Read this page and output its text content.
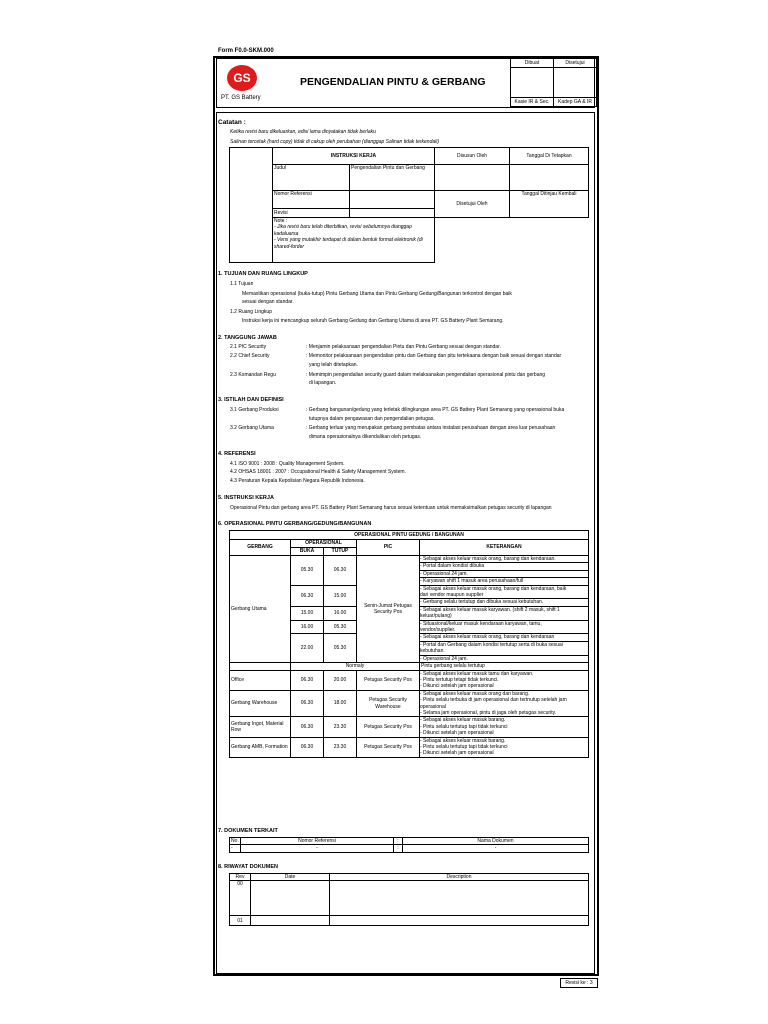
Form F0.0-SKM.000
GS
PT. GS Battery
PENGENDALIAN PINTU & GERBANG
Dibuat	Disetujui

Kasie IR & Sec.	Kadep GA & IR
Catatan :
Ketika revisi baru dikeluarkan, edisi lama dinyatakan tidak berlaku
Salinan tercetak (hard copy) tidak di cakup oleh perubahan (dianggap Salinan tidak terkendali)
	INSTRUKSI KERJA		Disusun Oleh	Tanggal Di Tetapkan
	Judul	Pengendalian Pintu dan Gerbang		
	Nomor Referensi		Disetujui Oleh	Tanggal Ditinjau Kembali
	Revisi			

	Note :
- Jika revisi baru telah diterbitkan, revisi sebelumnya dianggap kadaluarsa
- Versi yang mutakhir terdapat di dalam bentuk format elektronik (di shared-forder			

1. TUJUAN DAN RUANG LINGKUP
1.1 Tujuan
Memastikan operasional (buka-tutup) Pintu Gerbang Utama dan Pintu Gerbang Gedung/Bangunan terkontrol dengan baik
sesuai dengan standar.
1.2 Ruang Lingkup
Instruksi kerja ini mencangkup seluruh Gerbang Gedung dan Gerbang Utama di area PT. GS Battery Plant Semarang.
2. TANGGUNG JAWAB
2.1 PIC Security	: Menjamin pelaksanaan pengendalian Pintu dan Pintu Gerbang sesuai dengan standar.
2.2 Chief Security	: Memonitor pelaksanaan pengendalian pintu dan Gerbang dan pitu tertekaana dengan baik sesuai dengan standar
yang telah ditetapkan.
2.3 Komandan Regu	: Memimpin pengendalian security guard dalam melaksanakan pengendalian operasional pintu dan gerbang
di lapangan.
3. ISTILAH DAN DEFINISI
3.1 Gerbang Produksi	: Gerbang bangunan/gedung yang terletak dilingkungan area PT. GS Battery Plant Semarang yang operasional buka
tutupnya dalam pengawasan dan pengendalian petugas.
3.2 Gerbang Utama	: Gerbang terluar yang merupakan gerbang pembatas antara instalasi perusahaan dengan area luar perusahaan
dimana operasionalnya dikendalikan oleh petugas.
4. REFERENSI
4.1 ISO 9001 : 2008 : Quality Management System.
4.2 OHSAS 18001 : 2007 : Occupational Health & Safety Management System.
4.3 Peraturan Kepala Kepolisian Negara Republik Indonesia.
5. INSTRUKSI KERJA
Operasional Pintu dan gerbang area PT. GS Battery Plant Semarang harus sesuai ketentuan untuk memaksimalkan petugas security di lapangan
6. OPERASIONAL PINTU GERBANG/GEDUNG/BANGUNAN
OPERASIONAL PINTU GEDUNG / BANGUNAN				
GERBANG	OPERASIONAL		PIC	KETERANGAN
	BUKA	TUTUP		
Gerbang Utama	05.30	06.30	Senin-Jumat Petugas Security Pos	- Sebagai akses keluar masuk orang, barang dan kendaraan.
- Portal dalam kondisi dibuka
- Operasional 24 jam.
- Karyawan shift 1 masuk area perusahaan/full

	06.30	15.00		- Sebagai akses keluar masuk orang, barang dan kendaraan, baik
dari vendor maupun supplier
- Gerbang selalu tertutup dan dibuka sesuai kebutuhan.

	15.00	16.00		- Sebagai akses keluar masuk karyawan. (shift 2 masuk, shift 1
keluar/pulang)

	16.00	05.30		- Situasional/keluar masuk kendaraan karyawan, tamu,
vendor/supplier.

	22.00	05.30		- Sebagai akses keluar masuk orang, barang dan kendaraan
- Portal dan Gerbang dalam kondisi tertutup serta di buka sesuai
kebutuhan.
- Operasional 24 jam.

	Normaly			Pintu gerbang selalu tertutup
Office	06.30	20.00	Petugas Security Pos	- Sebagai akses keluar masuk tamu dan karyawan.
- Pintu tertutup tetapi tidak terkunci.
- Dikunci setelah jam operasional

Gerbang Warehouse	06.30	18.00	Petugas Security Warehouse	- Sebagai akses keluar masuk orang dan barang.
- Pintu selalu terbuka di jam operasional dan tertnutup setelah jam
operasional
- Selama jam operasional, pintu di jaga oleh petugas security.

Gerbang Ingot, Material Row	06.30	23.30	Petugas Security Pos	- Sebagai akses keluar masuk barang.
- Pintu selalu tertutup tapi tidak terkunci
- Dikunci setelah jam operasional

Gerbang AMB, Formation	06.30	23.30	Petugas Security Pos	- Sebagai akses keluar masuk barang.
- Pintu selalu tertutup tapi tidak terkunci
- Dikunci setelah jam operasional
7. DOKUMEN TERKAIT
No	Nomor Referensi	:	Nama Dokumen
-	-	:	-
8. RIWAYAT DOKUMEN
Rev	Date	Description
00		
01		
Revisi ke : 3
